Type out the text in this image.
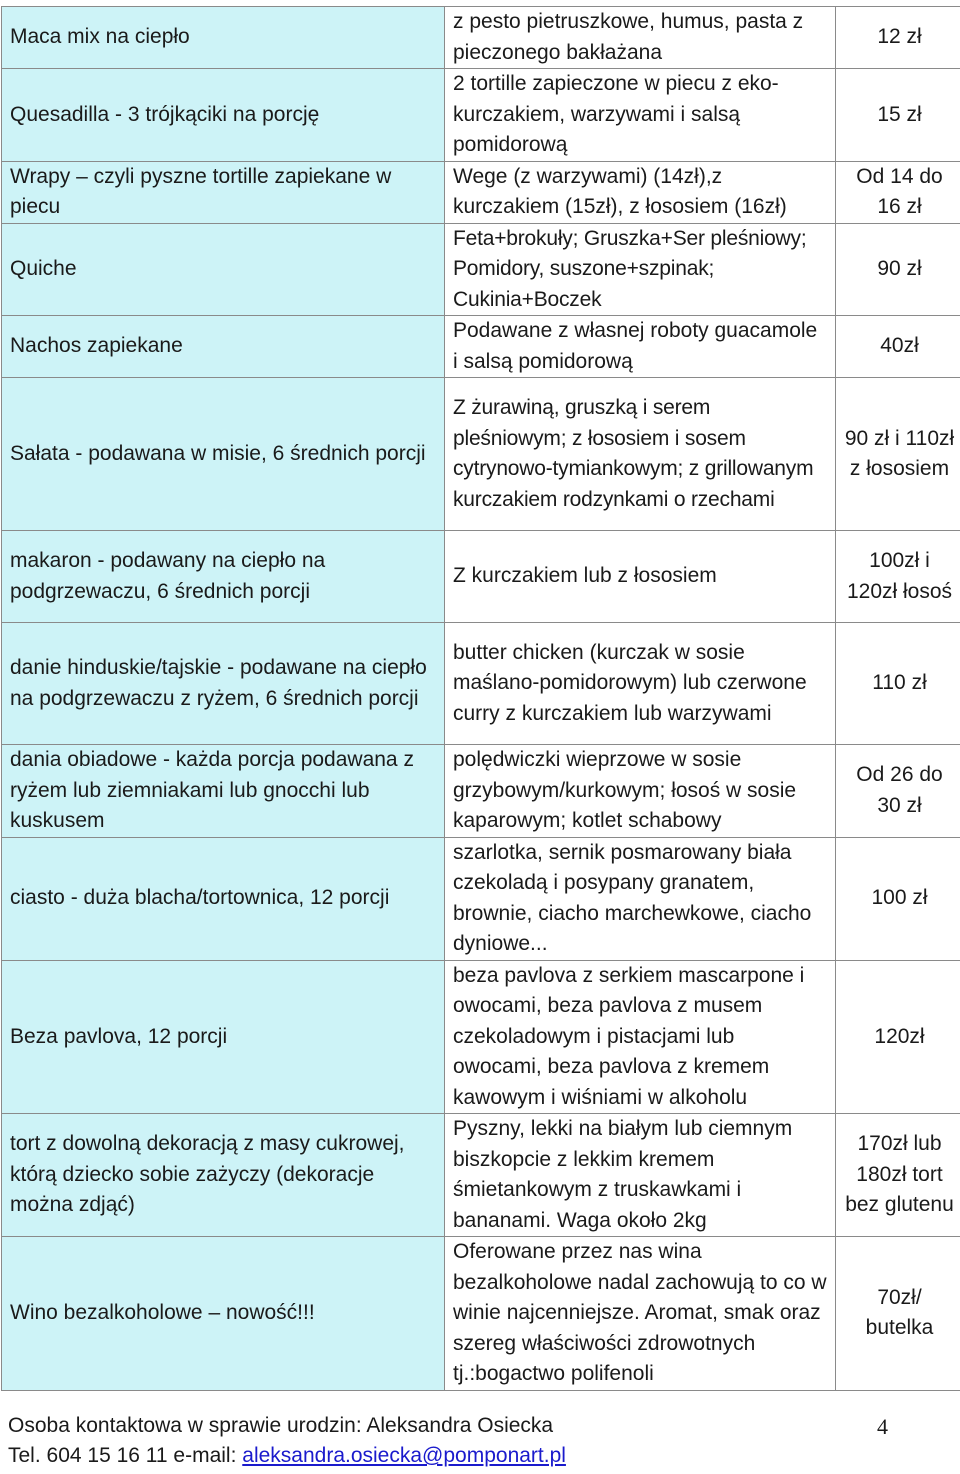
Maca mix na ciepło	z pesto pietruszkowe, humus, pasta z pieczonego bakłażana	12 zł
Quesadilla - 3 trójkąciki na porcję	2 tortille zapieczone w piecu z eko-kurczakiem, warzywami i salsą pomidorową	15 zł
Wrapy – czyli pyszne tortille zapiekane w piecu	Wege (z warzywami) (14zł),z kurczakiem (15zł), z łososiem (16zł)	Od 14 do 16 zł
Quiche	Feta+brokuły; Gruszka+Ser pleśniowy; Pomidory, suszone+szpinak; Cukinia+Boczek	90 zł
Nachos zapiekane	Podawane z własnej roboty guacamole i salsą pomidorową	40zł
Sałata - podawana w misie, 6 średnich porcji	Z żurawiną, gruszką i serem pleśniowym; z łososiem i sosem cytrynowo-tymiankowym; z grillowanym kurczakiem rodzynkami o rzechami	90 zł i 110zł z łososiem
makaron - podawany na ciepło na podgrzewaczu, 6 średnich porcji	Z kurczakiem lub z łososiem	100zł i 120zł łosoś
danie hinduskie/tajskie - podawane na ciepło na podgrzewaczu z ryżem, 6 średnich porcji	butter chicken (kurczak w sosie maślano-pomidorowym) lub czerwone curry z kurczakiem lub warzywami	110 zł
dania obiadowe - każda porcja podawana z ryżem lub ziemniakami lub gnocchi lub kuskusem	polędwiczki wieprzowe w sosie grzybowym/kurkowym; łosoś w sosie kaparowym; kotlet schabowy	Od 26 do 30 zł
ciasto - duża blacha/tortownica, 12 porcji	szarlotka, sernik posmarowany biała czekoladą i posypany granatem, brownie, ciacho marchewkowe, ciacho dyniowe...	100 zł
Beza pavlova, 12 porcji	beza pavlova z serkiem mascarpone i owocami, beza pavlova z musem czekoladowym i pistacjami lub owocami, beza pavlova z kremem kawowym i wiśniami w alkoholu	120zł
tort z dowolną dekoracją z masy cukrowej, którą dziecko sobie zażyczy (dekoracje można zdjąć)	Pyszny, lekki na białym lub ciemnym biszkopcie z lekkim kremem śmietankowym z truskawkami i bananami. Waga około 2kg	170zł lub 180zł tort bez glutenu
Wino bezalkoholowe – nowość!!!	Oferowane przez nas wina bezalkoholowe nadal zachowują to co w winie najcenniejsze. Aromat, smak oraz szereg właściwości zdrowotnych tj.:bogactwo polifenoli	70zł/ butelka
Osoba kontaktowa w sprawie urodzin: Aleksandra Osiecka
Tel. 604 15 16 11 e-mail: aleksandra.osiecka@pomponart.pl
4
